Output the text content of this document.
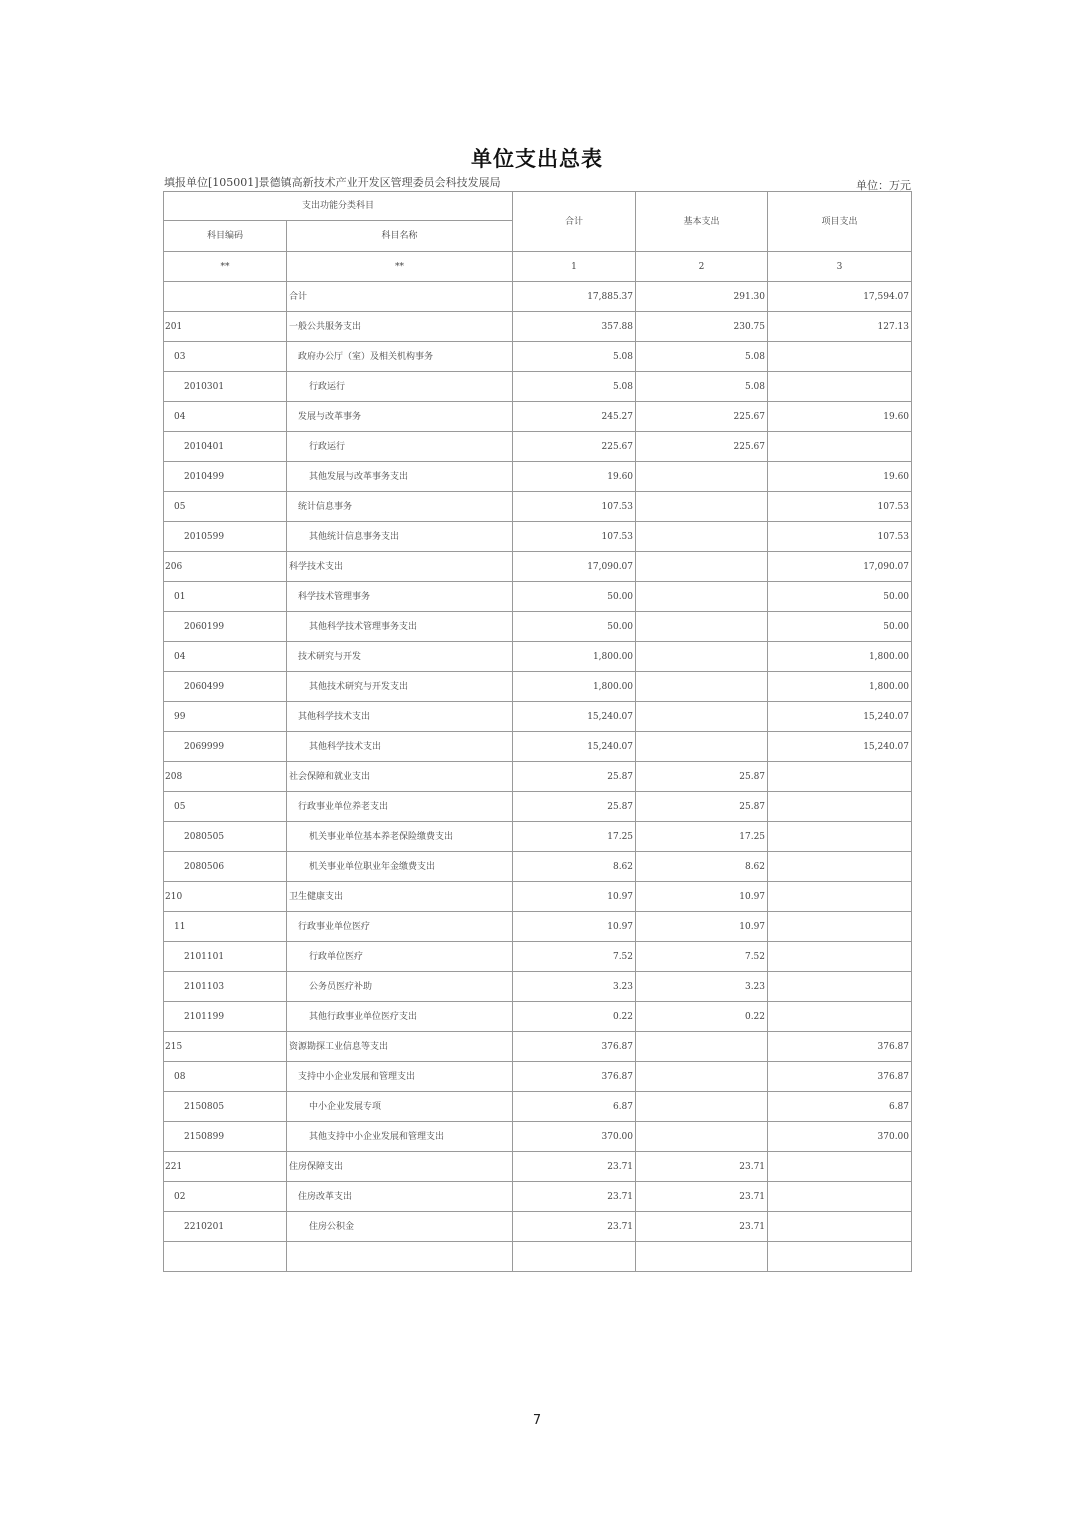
单位支出总表
填报单位[105001]景德镇高新技术产业开发区管理委员会科技发展局	单位：万元
支出功能分类科目		合计	基本支出	项目支出
科目编码	科目名称			
**	**	1	2	3
	合计	17,885.37	291.30	17,594.07
201	一般公共服务支出	357.88	230.75	127.13
03	政府办公厅（室）及相关机构事务	5.08	5.08	
2010301	行政运行	5.08	5.08	
04	发展与改革事务	245.27	225.67	19.60
2010401	行政运行	225.67	225.67	
2010499	其他发展与改革事务支出	19.60		19.60
05	统计信息事务	107.53		107.53
2010599	其他统计信息事务支出	107.53		107.53
206	科学技术支出	17,090.07		17,090.07
01	科学技术管理事务	50.00		50.00
2060199	其他科学技术管理事务支出	50.00		50.00
04	技术研究与开发	1,800.00		1,800.00
2060499	其他技术研究与开发支出	1,800.00		1,800.00
99	其他科学技术支出	15,240.07		15,240.07
2069999	其他科学技术支出	15,240.07		15,240.07
208	社会保障和就业支出	25.87	25.87	
05	行政事业单位养老支出	25.87	25.87	
2080505	机关事业单位基本养老保险缴费支出	17.25	17.25	
2080506	机关事业单位职业年金缴费支出	8.62	8.62	
210	卫生健康支出	10.97	10.97	
11	行政事业单位医疗	10.97	10.97	
2101101	行政单位医疗	7.52	7.52	
2101103	公务员医疗补助	3.23	3.23	
2101199	其他行政事业单位医疗支出	0.22	0.22	
215	资源勘探工业信息等支出	376.87		376.87
08	支持中小企业发展和管理支出	376.87		376.87
2150805	中小企业发展专项	6.87		6.87
2150899	其他支持中小企业发展和管理支出	370.00		370.00
221	住房保障支出	23.71	23.71	
02	住房改革支出	23.71	23.71	
2210201	住房公积金	23.71	23.71	

7
